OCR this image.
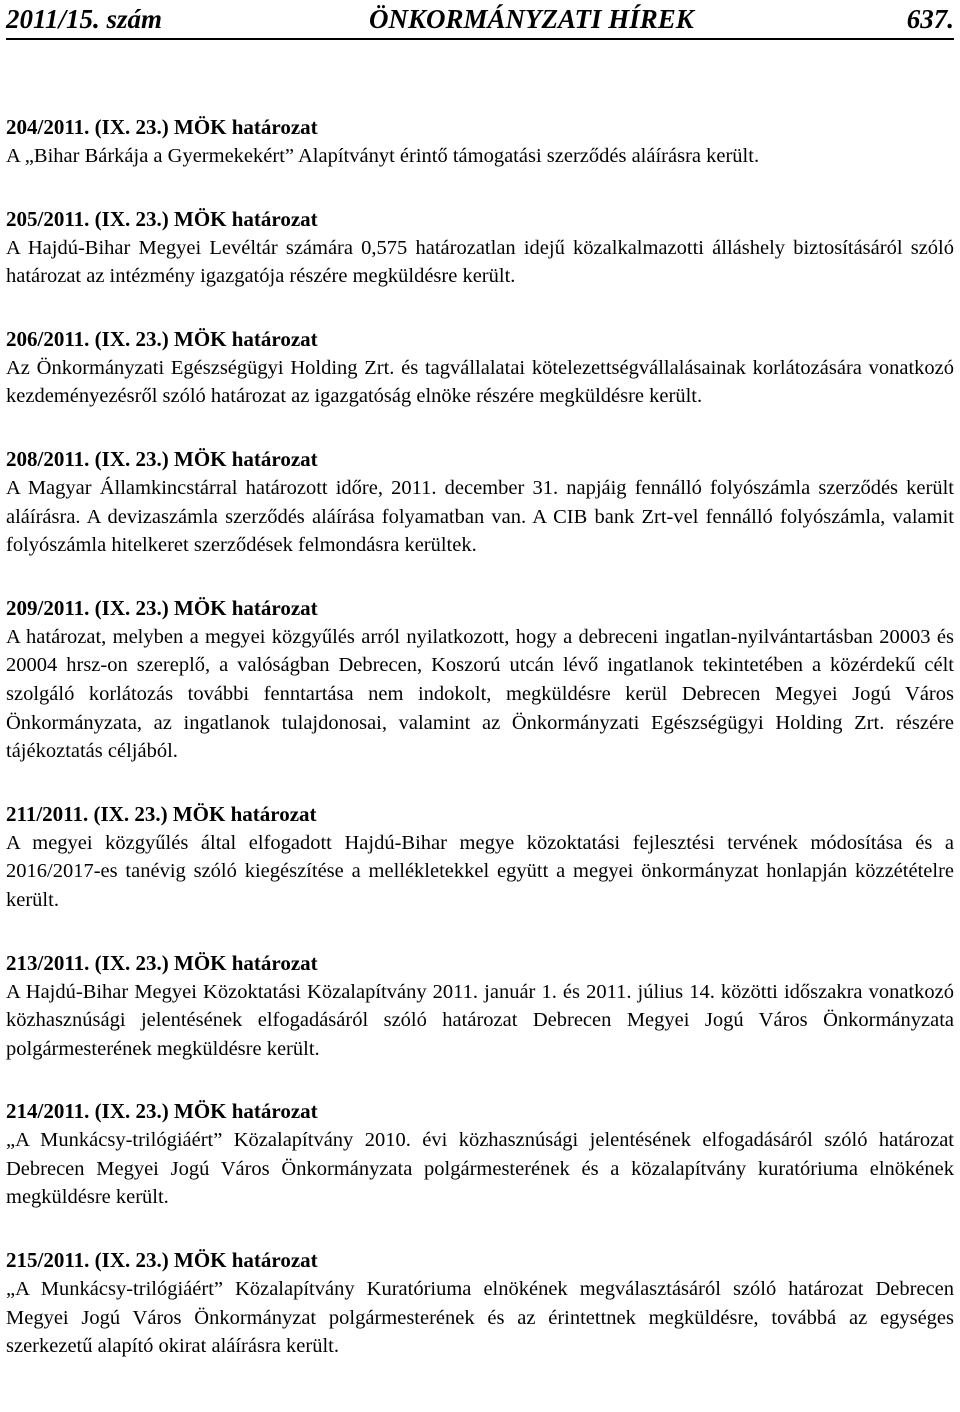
2011/15. szám	ÖNKORMÁNYZATI HÍREK	637.

204/2011. (IX. 23.) MÖK határozat

A „Bihar Bárkája a Gyermekekért” Alapítványt érintő támogatási szerződés aláírásra került.

205/2011. (IX. 23.) MÖK határozat

A Hajdú-Bihar Megyei Levéltár számára 0,575 határozatlan idejű közalkalmazotti álláshely biztosításáról szóló határozat az intézmény igazgatója részére megküldésre került.

206/2011. (IX. 23.) MÖK határozat

Az Önkormányzati Egészségügyi Holding Zrt. és tagvállalatai kötelezettségvállalásainak korlátozására vonatkozó kezdeményezésről szóló határozat az igazgatóság elnöke részére megküldésre került.

208/2011. (IX. 23.) MÖK határozat

A Magyar Államkincstárral határozott időre, 2011. december 31. napjáig fennálló folyószámla szerződés került aláírásra. A devizaszámla szerződés aláírása folyamatban van. A CIB bank Zrt-vel fennálló folyószámla, valamit folyószámla hitelkeret szerződések felmondásra kerültek.

209/2011. (IX. 23.) MÖK határozat

A határozat, melyben a megyei közgyűlés arról nyilatkozott, hogy a debreceni ingatlan-nyilvántartásban 20003 és 20004 hrsz-on szereplő, a valóságban Debrecen, Koszorú utcán lévő ingatlanok tekintetében a közérdekű célt szolgáló korlátozás további fenntartása nem indokolt, megküldésre kerül Debrecen Megyei Jogú Város Önkormányzata, az ingatlanok tulajdonosai, valamint az Önkormányzati Egészségügyi Holding Zrt. részére tájékoztatás céljából.

211/2011. (IX. 23.) MÖK határozat

A megyei közgyűlés által elfogadott Hajdú-Bihar megye közoktatási fejlesztési tervének módosítása és a 2016/2017-es tanévig szóló kiegészítése a mellékletekkel együtt a megyei önkormányzat honlapján közzétételre került.

213/2011. (IX. 23.) MÖK határozat

A Hajdú-Bihar Megyei Közoktatási Közalapítvány 2011. január 1. és 2011. július 14. közötti időszakra vonatkozó közhasznúsági jelentésének elfogadásáról szóló határozat Debrecen Megyei Jogú Város Önkormányzata polgármesterének megküldésre került.

214/2011. (IX. 23.) MÖK határozat

„A Munkácsy-trilógiáért” Közalapítvány 2010. évi közhasznúsági jelentésének elfogadásáról szóló határozat Debrecen Megyei Jogú Város Önkormányzata polgármesterének és a közalapítvány kuratóriuma elnökének megküldésre került.

215/2011. (IX. 23.) MÖK határozat

„A Munkácsy-trilógiáért” Közalapítvány Kuratóriuma elnökének megválasztásáról szóló határozat Debrecen Megyei Jogú Város Önkormányzat polgármesterének és az érintettnek megküldésre, továbbá az egységes szerkezetű alapító okirat aláírásra került.
